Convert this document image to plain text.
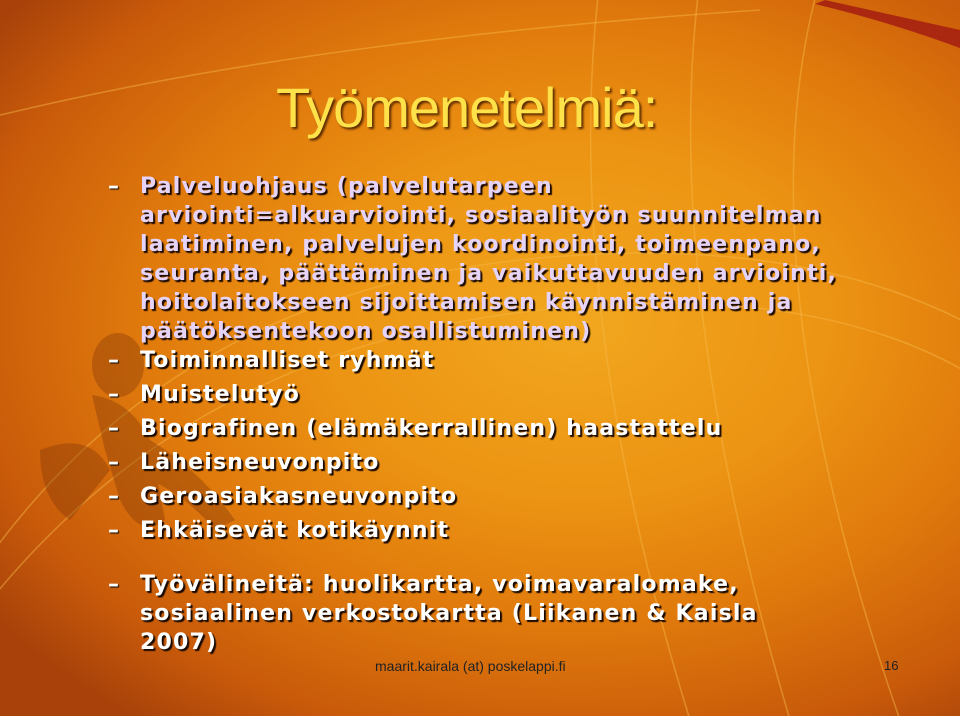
Työmenetelmiä:
–
Palveluohjaus (palvelutarpeen
arviointi=alkuarviointi, sosiaalityön suunnitelman
laatiminen, palvelujen koordinointi, toimeenpano,
seuranta, päättäminen ja vaikuttavuuden arviointi,
hoitolaitokseen sijoittamisen käynnistäminen ja
päätöksentekoon osallistuminen)
–
Toiminnalliset ryhmät
–
Muistelutyö
–
Biografinen (elämäkerrallinen) haastattelu
–
Läheisneuvonpito
–
Geroasiakasneuvonpito
–
Ehkäisevät kotikäynnit
–
Työvälineitä: huolikartta, voimavaralomake,
sosiaalinen verkostokartta (Liikanen & Kaisla
2007)
maarit.kairala (at) poskelappi.fi	16
